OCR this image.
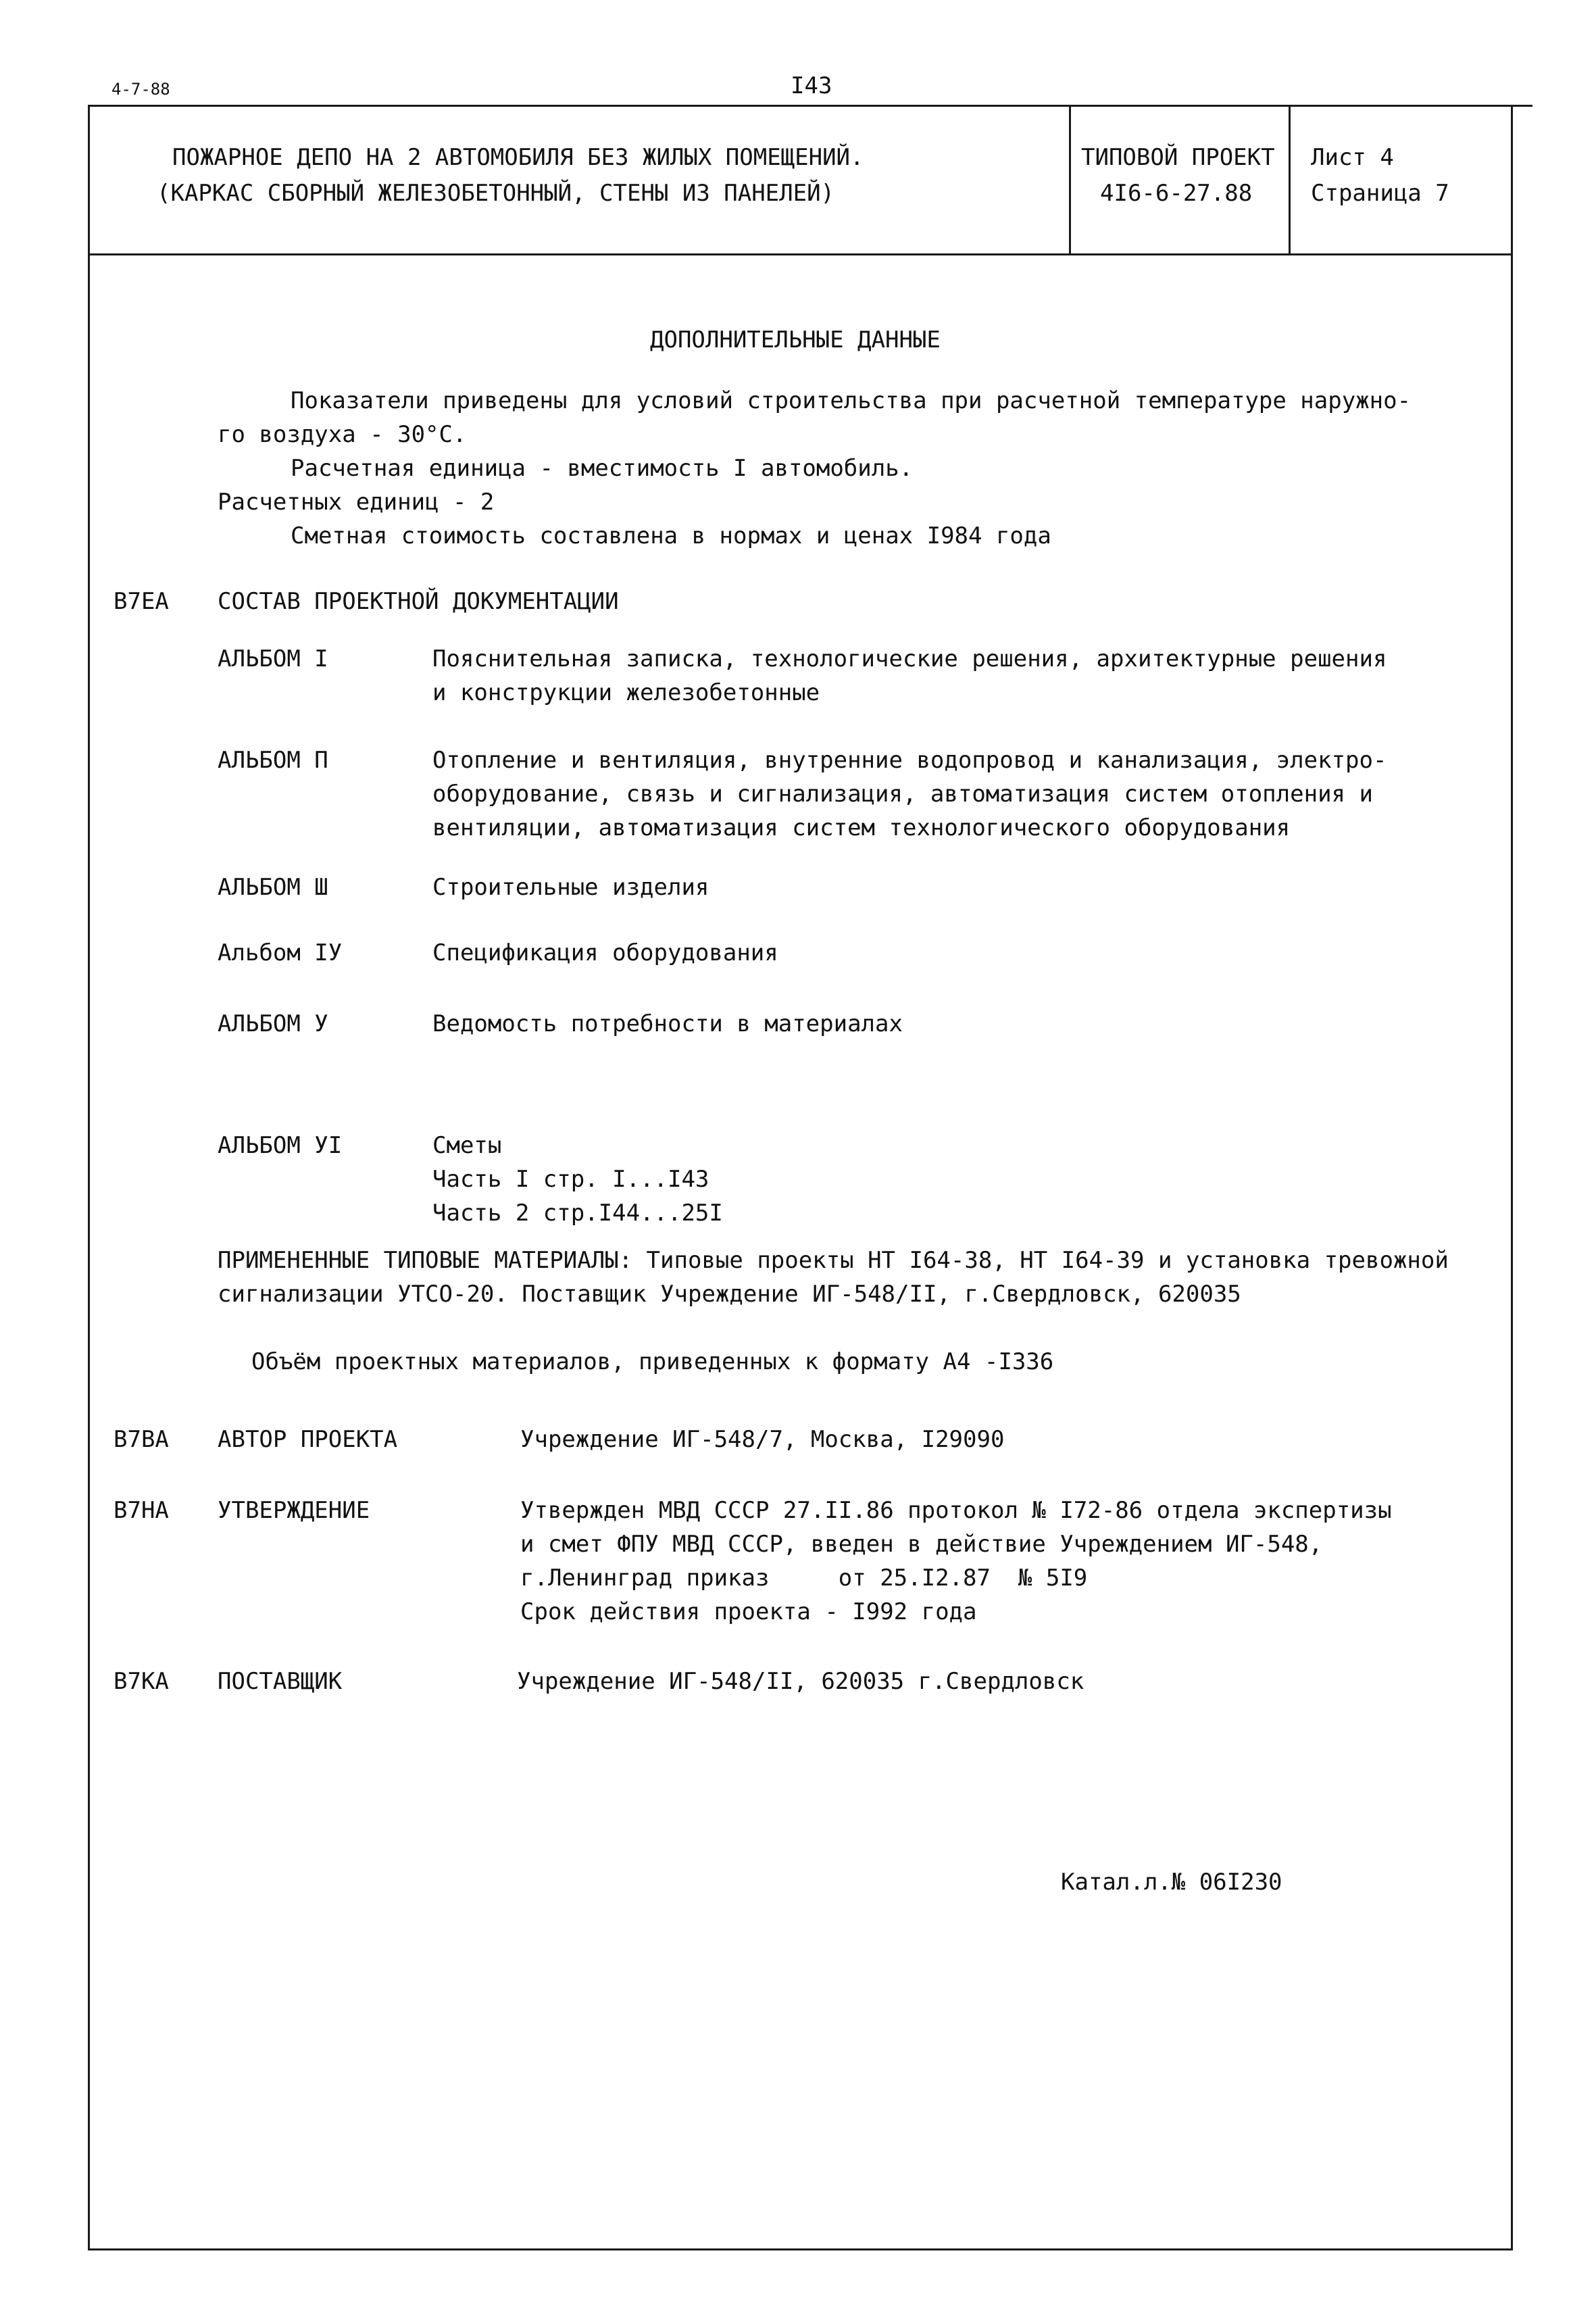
4-7-88	I43
ПОЖАРНОЕ ДЕПО НА 2 АВТОМОБИЛЯ БЕЗ ЖИЛЫХ ПОМЕЩЕНИЙ.
(КАРКАС СБОРНЫЙ ЖЕЛЕЗОБЕТОННЫЙ, СТЕНЫ ИЗ ПАНЕЛЕЙ)
ТИПОВОЙ ПРОЕКТ
4I6-6-27.88
Лист 4
Страница 7
ДОПОЛНИТЕЛЬНЫЕ ДАННЫЕ
Показатели приведены для условий строительства при расчетной температуре наружно-
го воздуха - 30°С.
Расчетная единица - вместимость I автомобиль.
Расчетных единиц - 2
Сметная стоимость составлена в нормах и ценах I984 года
В7ЕА СОСТАВ ПРОЕКТНОЙ ДОКУМЕНТАЦИИ
АЛЬБОМ I	Пояснительная записка, технологические решения, архитектурные решения
и конструкции железобетонные
АЛЬБОМ П	Отопление и вентиляция, внутренние водопровод и канализация, электро-
оборудование, связь и сигнализация, автоматизация систем отопления и
вентиляции, автоматизация систем технологического оборудования
АЛЬБОМ Ш	Строительные изделия
Альбом IУ	Спецификация оборудования
АЛЬБОМ У	Ведомость потребности в материалах
АЛЬБОМ УI	Сметы
Часть I стр. I...I43
Часть 2 стр.I44...25I
ПРИМЕНЕННЫЕ ТИПОВЫЕ МАТЕРИАЛЫ: Типовые проекты НТ I64-38, НТ I64-39 и установка тревожной
сигнализации УТСО-20. Поставщик Учреждение ИГ-548/II, г.Свердловск, 620035
Объём проектных материалов, приведенных к формату А4 -I336
В7ВА АВТОР ПРОЕКТА	Учреждение ИГ-548/7, Москва, I29090
В7НА УТВЕРЖДЕНИЕ	Утвержден МВД СССР 27.II.86 протокол № I72-86 отдела экспертизы
и смет ФПУ МВД СССР, введен в действие Учреждением ИГ-548,
г.Ленинград приказ     от 25.I2.87  № 5I9
Срок действия проекта - I992 года
В7КА ПОСТАВЩИК	Учреждение ИГ-548/II, 620035 г.Свердловск
Катал.л.№ 06I230
